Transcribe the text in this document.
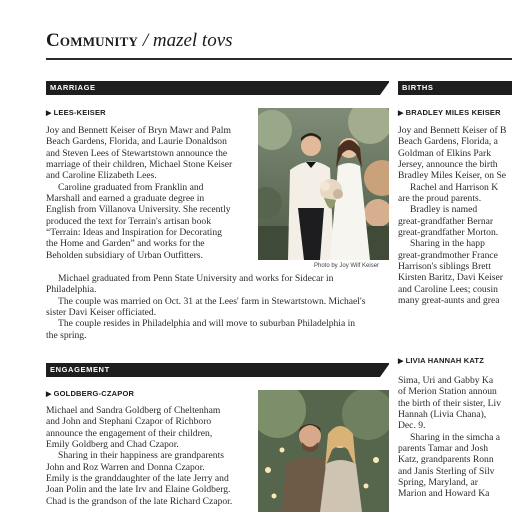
Community / mazel tovs
MARRIAGE
▶ LEES-KEISER
Joy and Bennett Keiser of Bryn Mawr and Palm
Beach Gardens, Florida, and Laurie Donaldson
and Steven Lees of Stewartstown announce the
marriage of their children, Michael Stone Keiser
and Caroline Elizabeth Lees.
Caroline graduated from Franklin and
Marshall and earned a graduate degree in
English from Villanova University. She recently
produced the text for Terrain's artisan book
“Terrain: Ideas and Inspiration for Decorating
the Home and Garden” and works for the
Beholden subsidiary of Urban Outfitters.
Photo by Joy Wilf Keiser
Michael graduated from Penn State University and works for Sidecar in
Philadelphia.
The couple was married on Oct. 31 at the Lees' farm in Stewartstown. Michael's
sister Davi Keiser officiated.
The couple resides in Philadelphia and will move to suburban Philadelphia in
the spring.
ENGAGEMENT
▶ GOLDBERG-CZAPOR
Michael and Sandra Goldberg of Cheltenham
and John and Stephani Czapor of Richboro
announce the engagement of their children,
Emily Goldberg and Chad Czapor.
Sharing in their happiness are grandparents
John and Roz Warren and Donna Czapor.
Emily is the granddaughter of the late Jerry and
Joan Polin and the late Irv and Elaine Goldberg.
Chad is the grandson of the late Richard Czapor.
BIRTHS
▶ BRADLEY MILES KEISER
Joy and Bennett Keiser of B
Beach Gardens, Florida, a
Goldman of Elkins Park
Jersey, announce the birth
Bradley Miles Keiser, on Se
Rachel and Harrison K
are the proud parents.
Bradley is named
great-grandfather Bernar
great-grandfather Morton.
Sharing in the happ
great-grandmother France
Harrison's siblings Brett
Kirsten Baritz, Davi Keiser
and Caroline Lees; cousin
many great-aunts and grea
▶ LIVIA HANNAH KATZ
Sima, Uri and Gabby Ka
of Merion Station announ
the birth of their sister, Liv
Hannah (Livia Chana),
Dec. 9.
Sharing in the simcha a
parents Tamar and Josh
Katz, grandparents Ronn
and Janis Sterling of Silv
Spring, Maryland, ar
Marion and Howard Ka
